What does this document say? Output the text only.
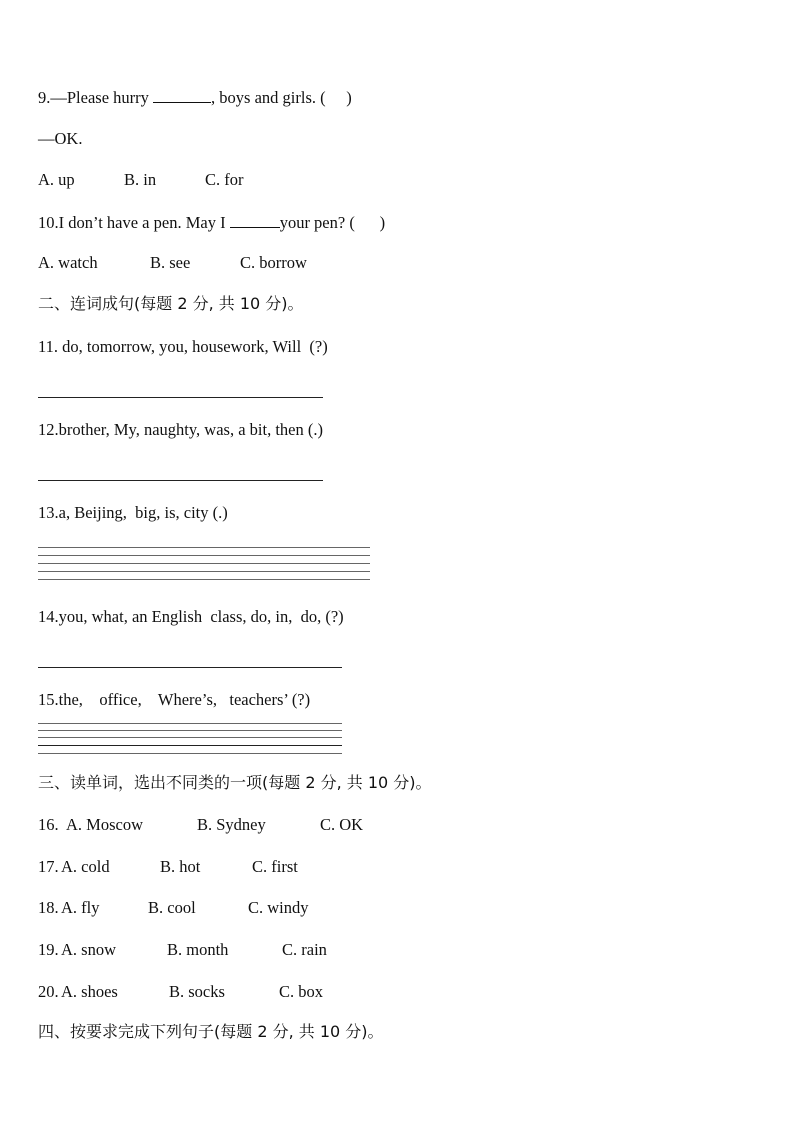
9.—Please hurry	, boys and girls. (     )
—OK.
A. up	B. in	C. for
10.I don’t have a pen. May I	your pen? (      )
A. watch	B. see	C. borrow
二、连词成句(每题 2 分, 共 10 分)。
11. do, tomorrow, you, housework, Will  (?)
12.brother, My, naughty, was, a bit, then (.)
13.a, Beijing,  big, is, city (.)
14.you, what, an English  class, do, in,  do, (?)
15.the,    office,    Where’s,   teachers’ (?)
三、读单词，选出不同类的一项(每题 2 分, 共 10 分)。
16. A. Moscow	B. Sydney	C. OK
17. A. cold	B. hot	C. first
18. A. fly	B. cool	C. windy
19. A. snow	B. month	C. rain
20. A. shoes	B. socks	C. box
四、按要求完成下列句子(每题 2 分, 共 10 分)。
